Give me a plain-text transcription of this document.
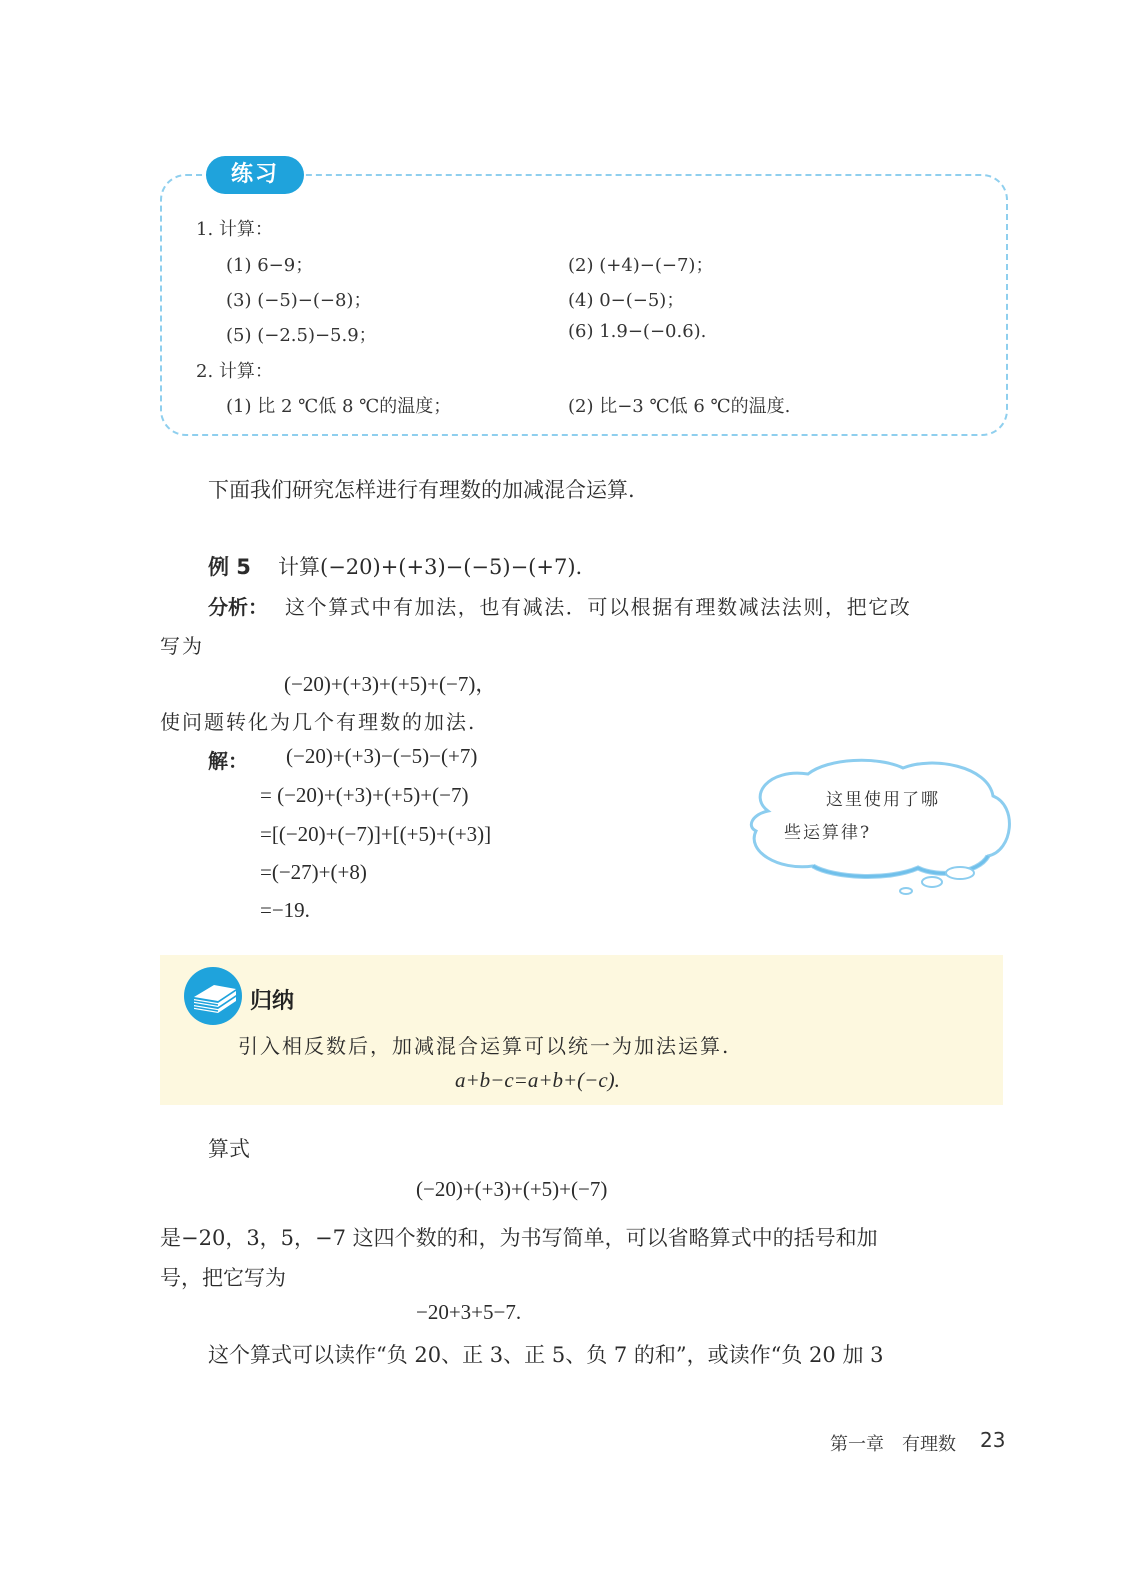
练习
1. 计算：
(1) 6−9；	(2) (+4)−(−7)；
(3) (−5)−(−8)；	(4) 0−(−5)；
(5) (−2.5)−5.9；	(6) 1.9−(−0.6).
2. 计算：
(1) 比 2 ℃低 8 ℃的温度；	(2) 比−3 ℃低 6 ℃的温度.
下面我们研究怎样进行有理数的加减混合运算.
例 5 计算(−20)+(+3)−(−5)−(+7).
分析： 这个算式中有加法，也有减法．可以根据有理数减法法则，把它改
写为
(−20)+(+3)+(+5)+(−7)，
使问题转化为几个有理数的加法.
解： (−20)+(+3)−(−5)−(+7)
= (−20)+(+3)+(+5)+(−7)
=[(−20)+(−7)]+[(+5)+(+3)]
=(−27)+(+8)
=−19.
这里使用了哪
些运算律?
归纳
引入相反数后，加减混合运算可以统一为加法运算.
a+b−c=a+b+(−c).
算式
(−20)+(+3)+(+5)+(−7)
是−20，3，5，−7 这四个数的和，为书写简单，可以省略算式中的括号和加
号，把它写为
−20+3+5−7.
这个算式可以读作“负 20、正 3、正 5、负 7 的和”，或读作“负 20 加 3
第一章 有理数 23
